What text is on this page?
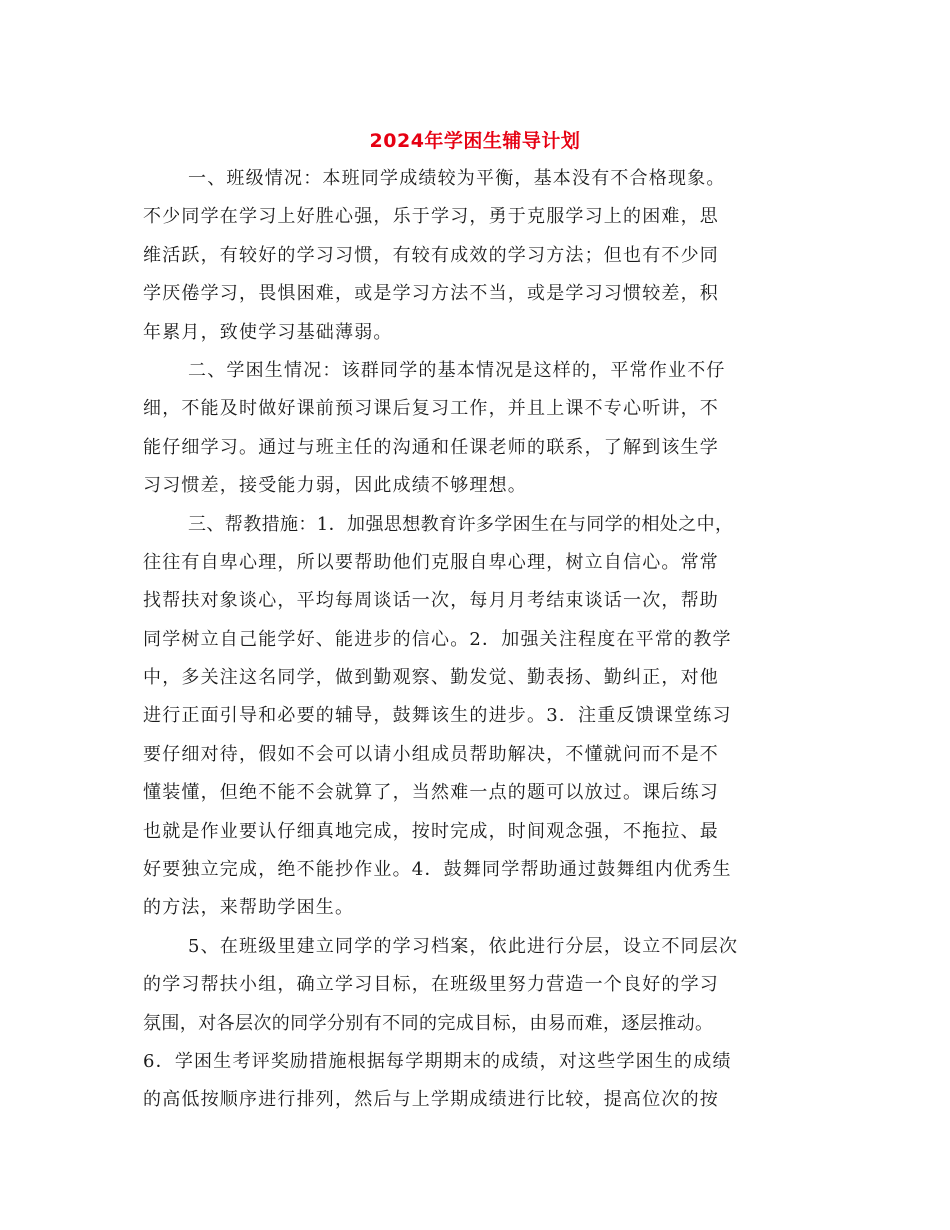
2024年学困生辅导计划
一、班级情况：本班同学成绩较为平衡，基本没有不合格现象。
不少同学在学习上好胜心强，乐于学习，勇于克服学习上的困难，思
维活跃，有较好的学习习惯，有较有成效的学习方法；但也有不少同
学厌倦学习，畏惧困难，或是学习方法不当，或是学习习惯较差，积
年累月，致使学习基础薄弱。
二、学困生情况：该群同学的基本情况是这样的，平常作业不仔
细，不能及时做好课前预习课后复习工作，并且上课不专心听讲，不
能仔细学习。通过与班主任的沟通和任课老师的联系，了解到该生学
习习惯差，接受能力弱，因此成绩不够理想。
三、帮教措施：1．加强思想教育许多学困生在与同学的相处之中，
往往有自卑心理，所以要帮助他们克服自卑心理，树立自信心。常常
找帮扶对象谈心，平均每周谈话一次，每月月考结束谈话一次，帮助
同学树立自己能学好、能进步的信心。2．加强关注程度在平常的教学
中，多关注这名同学，做到勤观察、勤发觉、勤表扬、勤纠正，对他
进行正面引导和必要的辅导，鼓舞该生的进步。3．注重反馈课堂练习
要仔细对待，假如不会可以请小组成员帮助解决，不懂就问而不是不
懂装懂，但绝不能不会就算了，当然难一点的题可以放过。课后练习
也就是作业要认仔细真地完成，按时完成，时间观念强，不拖拉、最
好要独立完成，绝不能抄作业。4．鼓舞同学帮助通过鼓舞组内优秀生
的方法，来帮助学困生。
5、在班级里建立同学的学习档案，依此进行分层，设立不同层次
的学习帮扶小组，确立学习目标，在班级里努力营造一个良好的学习
氛围，对各层次的同学分别有不同的完成目标，由易而难，逐层推动。
6．学困生考评奖励措施根据每学期期末的成绩，对这些学困生的成绩
的高低按顺序进行排列，然后与上学期成绩进行比较，提高位次的按
